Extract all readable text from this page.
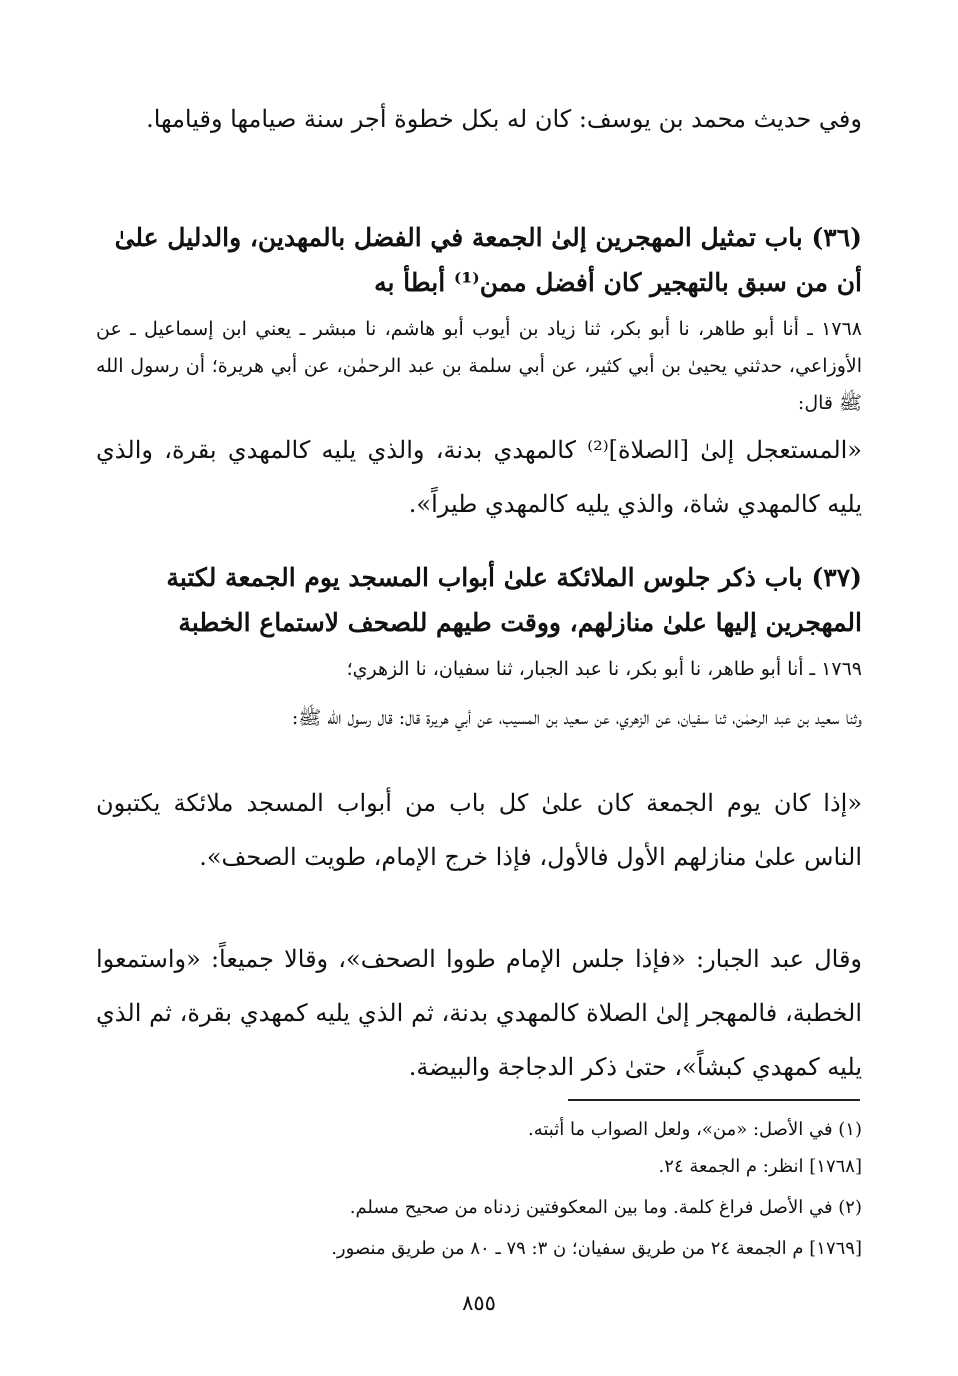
وفي حديث محمد بن يوسف: كان له بكل خطوة أجر سنة صيامها وقيامها.

(٣٦) باب تمثيل المهجرين إلىٰ الجمعة في الفضل بالمهدين، والدليل علىٰ أن من سبق بالتهجير كان أفضل ممن⁽¹⁾ أبطأ به

١٧٦٨ ـ أنا أبو طاهر، نا أبو بكر، ثنا زياد بن أيوب أبو هاشم، نا مبشر ـ يعني ابن إسماعيل ـ عن الأوزاعي، حدثني يحيىٰ بن أبي كثير، عن أبي سلمة بن عبد الرحمٰن، عن أبي هريرة؛ أن رسول الله ﷺ قال:

«المستعجل إلىٰ [الصلاة]⁽²⁾ كالمهدي بدنة، والذي يليه كالمهدي بقرة، والذي يليه كالمهدي شاة، والذي يليه كالمهدي طيراً».

(٣٧) باب ذكر جلوس الملائكة علىٰ أبواب المسجد يوم الجمعة لكتبة المهجرين إليها علىٰ منازلهم، ووقت طيهم للصحف لاستماع الخطبة

١٧٦٩ ـ أنا أبو طاهر، نا أبو بكر، نا عبد الجبار، ثنا سفيان، نا الزهري؛

وثنا سعيد بن عبد الرحمٰن، ثنا سفيان، عن الزهري، عن سعيد بن المسيب، عن أبي هريرة قال: قال رسول الله ﷺ:

«إذا كان يوم الجمعة كان علىٰ كل باب من أبواب المسجد ملائكة يكتبون الناس علىٰ منازلهم الأول فالأول، فإذا خرج الإمام، طويت الصحف».

وقال عبد الجبار: «فإذا جلس الإمام طووا الصحف»، وقالا جميعاً: «واستمعوا الخطبة، فالمهجر إلىٰ الصلاة كالمهدي بدنة، ثم الذي يليه كمهدي بقرة، ثم الذي يليه كمهدي كبشاً»، حتىٰ ذكر الدجاجة والبيضة.

(١) في الأصل: «من»، ولعل الصواب ما أثبته.
[١٧٦٨] انظر: م الجمعة ٢٤.
(٢) في الأصل فراغ كلمة. وما بين المعكوفتين زدناه من صحيح مسلم.
[١٧٦٩] م الجمعة ٢٤ من طريق سفيان؛ ن ٣: ٧٩ ـ ٨٠ من طريق منصور.
٨٥٥
